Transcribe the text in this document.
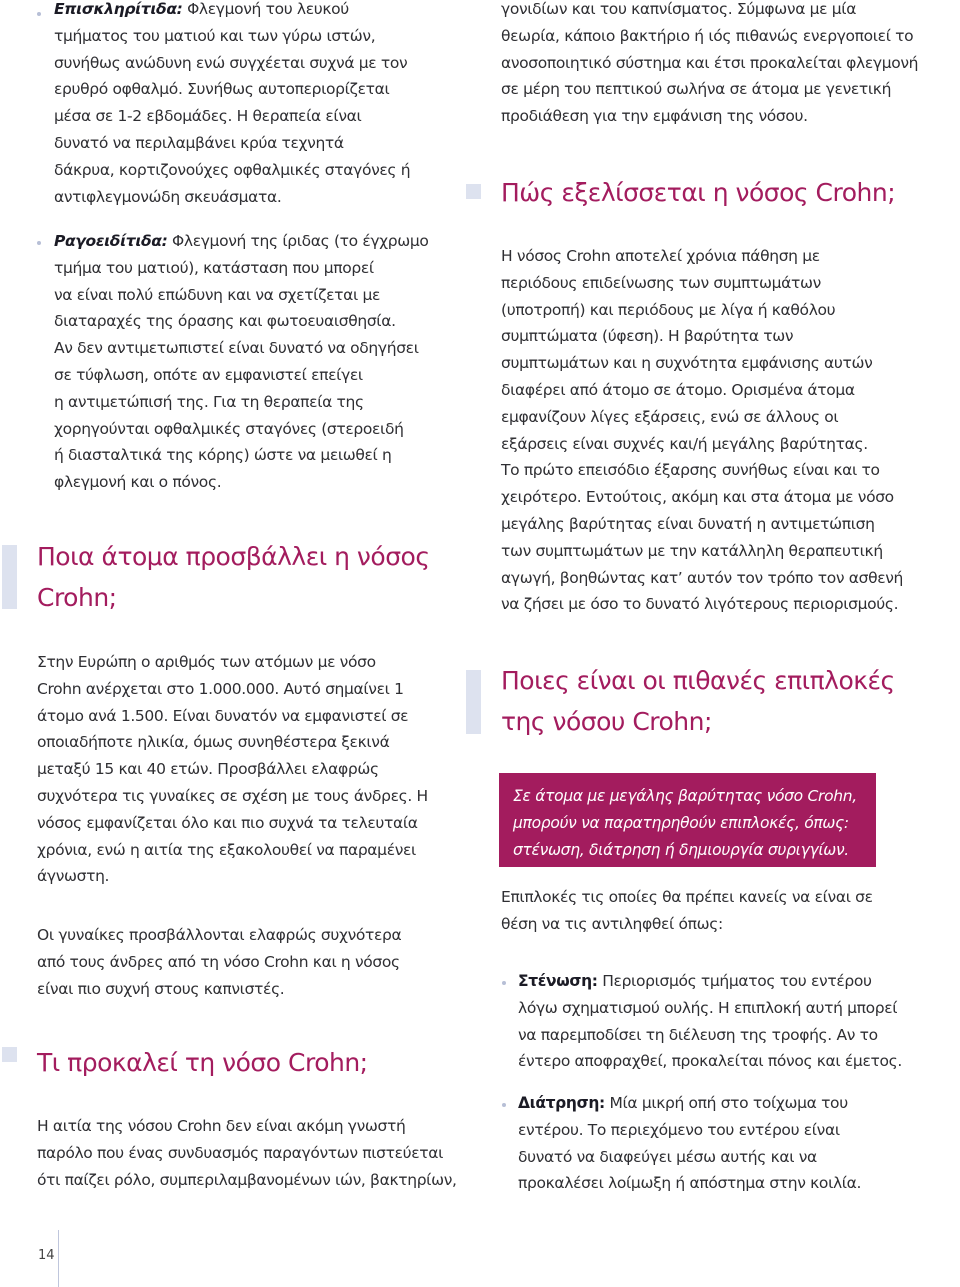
Επισκληρίτιδα: Φλεγμονή του λευκού
τμήματος του ματιού και των γύρω ιστών,
συνήθως ανώδυνη ενώ συγχέεται συχνά με τον
ερυθρό οφθαλμό. Συνήθως αυτοπεριορίζεται
μέσα σε 1-2 εβδομάδες. Η θεραπεία είναι
δυνατό να περιλαμβάνει κρύα τεχνητά
δάκρυα, κορτιζονούχες οφθαλμικές σταγόνες ή
αντιφλεγμονώδη σκευάσματα.
Ραγοειδίτιδα: Φλεγμονή της ίριδας (το έγχρωμο
τμήμα του ματιού), κατάσταση που μπορεί
να είναι πολύ επώδυνη και να σχετίζεται με
διαταραχές της όρασης και φωτοευαισθησία.
Αν δεν αντιμετωπιστεί είναι δυνατό να οδηγήσει
σε τύφλωση, οπότε αν εμφανιστεί επείγει
η αντιμετώπισή της. Για τη θεραπεία της
χορηγούνται οφθαλμικές σταγόνες (στεροειδή
ή διασταλτικά της κόρης) ώστε να μειωθεί η
φλεγμονή και ο πόνος.
Ποια άτομα προσβάλλει η νόσος
Crohn;
Στην Ευρώπη ο αριθμός των ατόμων με νόσο
Crohn ανέρχεται στο 1.000.000. Αυτό σημαίνει 1
άτομο ανά 1.500. Είναι δυνατόν να εμφανιστεί σε
οποιαδήποτε ηλικία, όμως συνηθέστερα ξεκινά
μεταξύ 15 και 40 ετών. Προσβάλλει ελαφρώς
συχνότερα τις γυναίκες σε σχέση με τους άνδρες. Η
νόσος εμφανίζεται όλο και πιο συχνά τα τελευταία
χρόνια, ενώ η αιτία της εξακολουθεί να παραμένει
άγνωστη.
Οι γυναίκες προσβάλλονται ελαφρώς συχνότερα
από τους άνδρες από τη νόσο Crohn και η νόσος
είναι πιο συχνή στους καπνιστές.
Τι προκαλεί τη νόσο Crohn;
Η αιτία της νόσου Crohn δεν είναι ακόμη γνωστή
παρόλο που ένας συνδυασμός παραγόντων πιστεύεται
ότι παίζει ρόλο, συμπεριλαμβανομένων ιών, βακτηρίων,
γονιδίων και του καπνίσματος. Σύμφωνα με μία
θεωρία, κάποιο βακτήριο ή ιός πιθανώς ενεργοποιεί το
ανοσοποιητικό σύστημα και έτσι προκαλείται φλεγμονή
σε μέρη του πεπτικού σωλήνα σε άτομα με γενετική
προδιάθεση για την εμφάνιση της νόσου.
Πώς εξελίσσεται η νόσος Crohn;
Η νόσος Crohn αποτελεί χρόνια πάθηση με
περιόδους επιδείνωσης των συμπτωμάτων
(υποτροπή) και περιόδους με λίγα ή καθόλου
συμπτώματα (ύφεση). Η βαρύτητα των
συμπτωμάτων και η συχνότητα εμφάνισης αυτών
διαφέρει από άτομο σε άτομο. Ορισμένα άτομα
εμφανίζουν λίγες εξάρσεις, ενώ σε άλλους οι
εξάρσεις είναι συχνές και/ή μεγάλης βαρύτητας.
Το πρώτο επεισόδιο έξαρσης συνήθως είναι και το
χειρότερο. Εντούτοις, ακόμη και στα άτομα με νόσο
μεγάλης βαρύτητας είναι δυνατή η αντιμετώπιση
των συμπτωμάτων με την κατάλληλη θεραπευτική
αγωγή, βοηθώντας κατ’ αυτόν τον τρόπο τον ασθενή
να ζήσει με όσο το δυνατό λιγότερους περιορισμούς.
Ποιες είναι οι πιθανές επιπλοκές
της νόσου Crohn;
Σε άτομα με μεγάλης βαρύτητας νόσο Crohn,
μπορούν να παρατηρηθούν επιπλοκές, όπως:
στένωση, διάτρηση ή δημιουργία συριγγίων.
Επιπλοκές τις οποίες θα πρέπει κανείς να είναι σε
θέση να τις αντιληφθεί όπως:
Στένωση: Περιορισμός τμήματος του εντέρου
λόγω σχηματισμού ουλής. Η επιπλοκή αυτή μπορεί
να παρεμποδίσει τη διέλευση της τροφής. Αν το
έντερο αποφραχθεί, προκαλείται πόνος και έμετος.
Διάτρηση: Μία μικρή οπή στο τοίχωμα του
εντέρου. Το περιεχόμενο του εντέρου είναι
δυνατό να διαφεύγει μέσω αυτής και να
προκαλέσει λοίμωξη ή απόστημα στην κοιλία.
14
